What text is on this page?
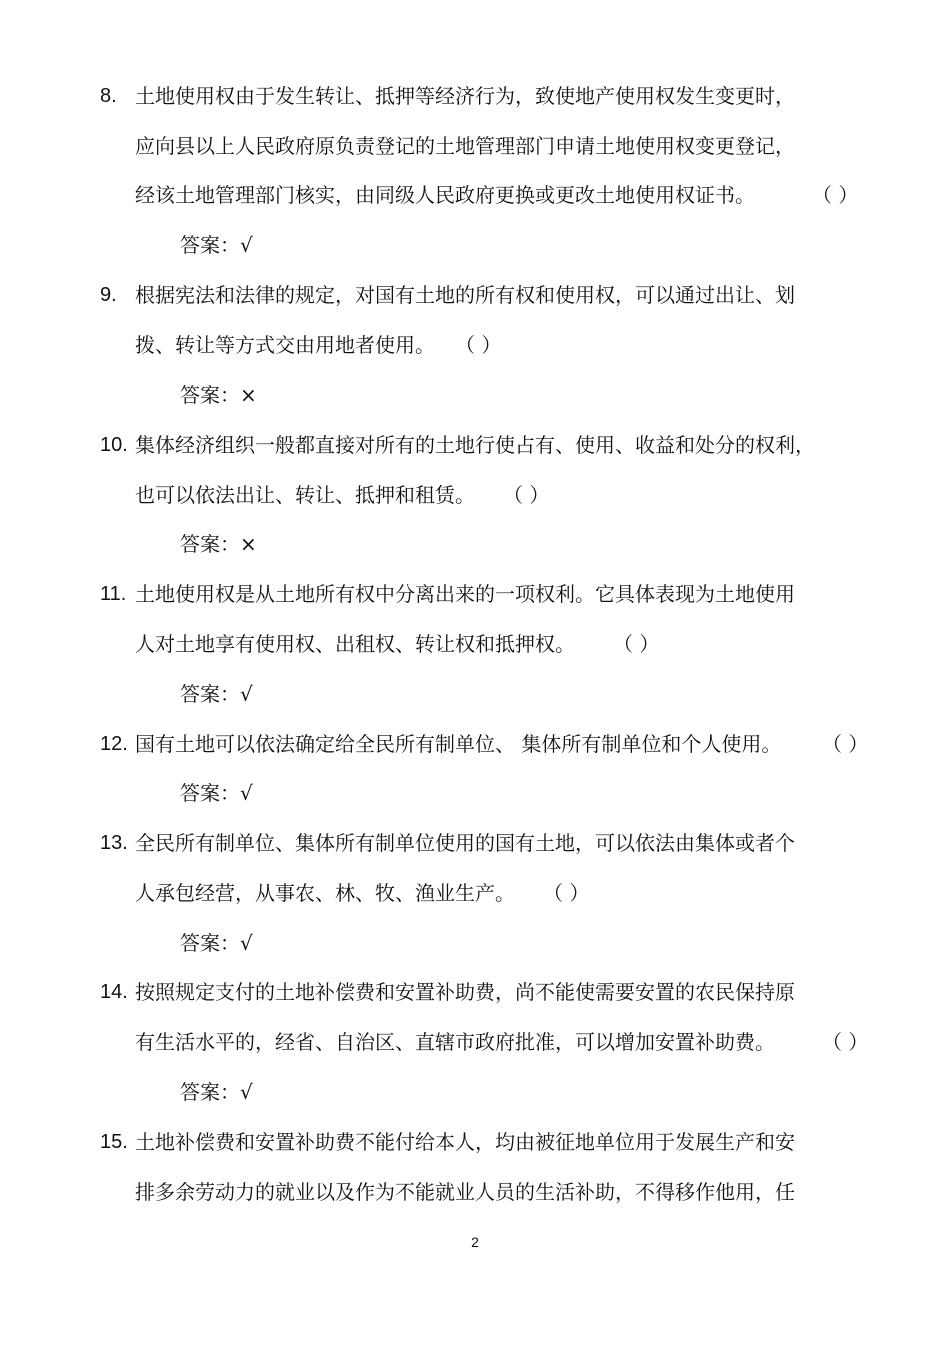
8. 土地使用权由于发生转让、抵押等经济行为，致使地产使用权发生变更时，
应向县以上人民政府原负责登记的土地管理部门申请土地使用权变更登记，
经该土地管理部门核实，由同级人民政府更换或更改土地使用权证书。	（ ）
答案：√
9. 根据宪法和法律的规定，对国有土地的所有权和使用权，可以通过出让、划
拨、转让等方式交由用地者使用。 （ ）
答案：×
10. 集体经济组织一般都直接对所有的土地行使占有、使用、收益和处分的权利，
也可以依法出让、转让、抵押和租赁。 （ ）
答案：×
11. 土地使用权是从土地所有权中分离出来的一项权利。它具体表现为土地使用
人对土地享有使用权、出租权、转让权和抵押权。 （ ）
答案：√
12. 国有土地可以依法确定给全民所有制单位、 集体所有制单位和个人使用。 （ ）
答案：√
13. 全民所有制单位、集体所有制单位使用的国有土地，可以依法由集体或者个
人承包经营，从事农、林、牧、渔业生产。 （ ）
答案：√
14. 按照规定支付的土地补偿费和安置补助费，尚不能使需要安置的农民保持原
有生活水平的，经省、自治区、直辖市政府批准，可以增加安置补助费。 （ ）
答案：√
15. 土地补偿费和安置补助费不能付给本人，均由被征地单位用于发展生产和安
排多余劳动力的就业以及作为不能就业人员的生活补助，不得移作他用，任
2
